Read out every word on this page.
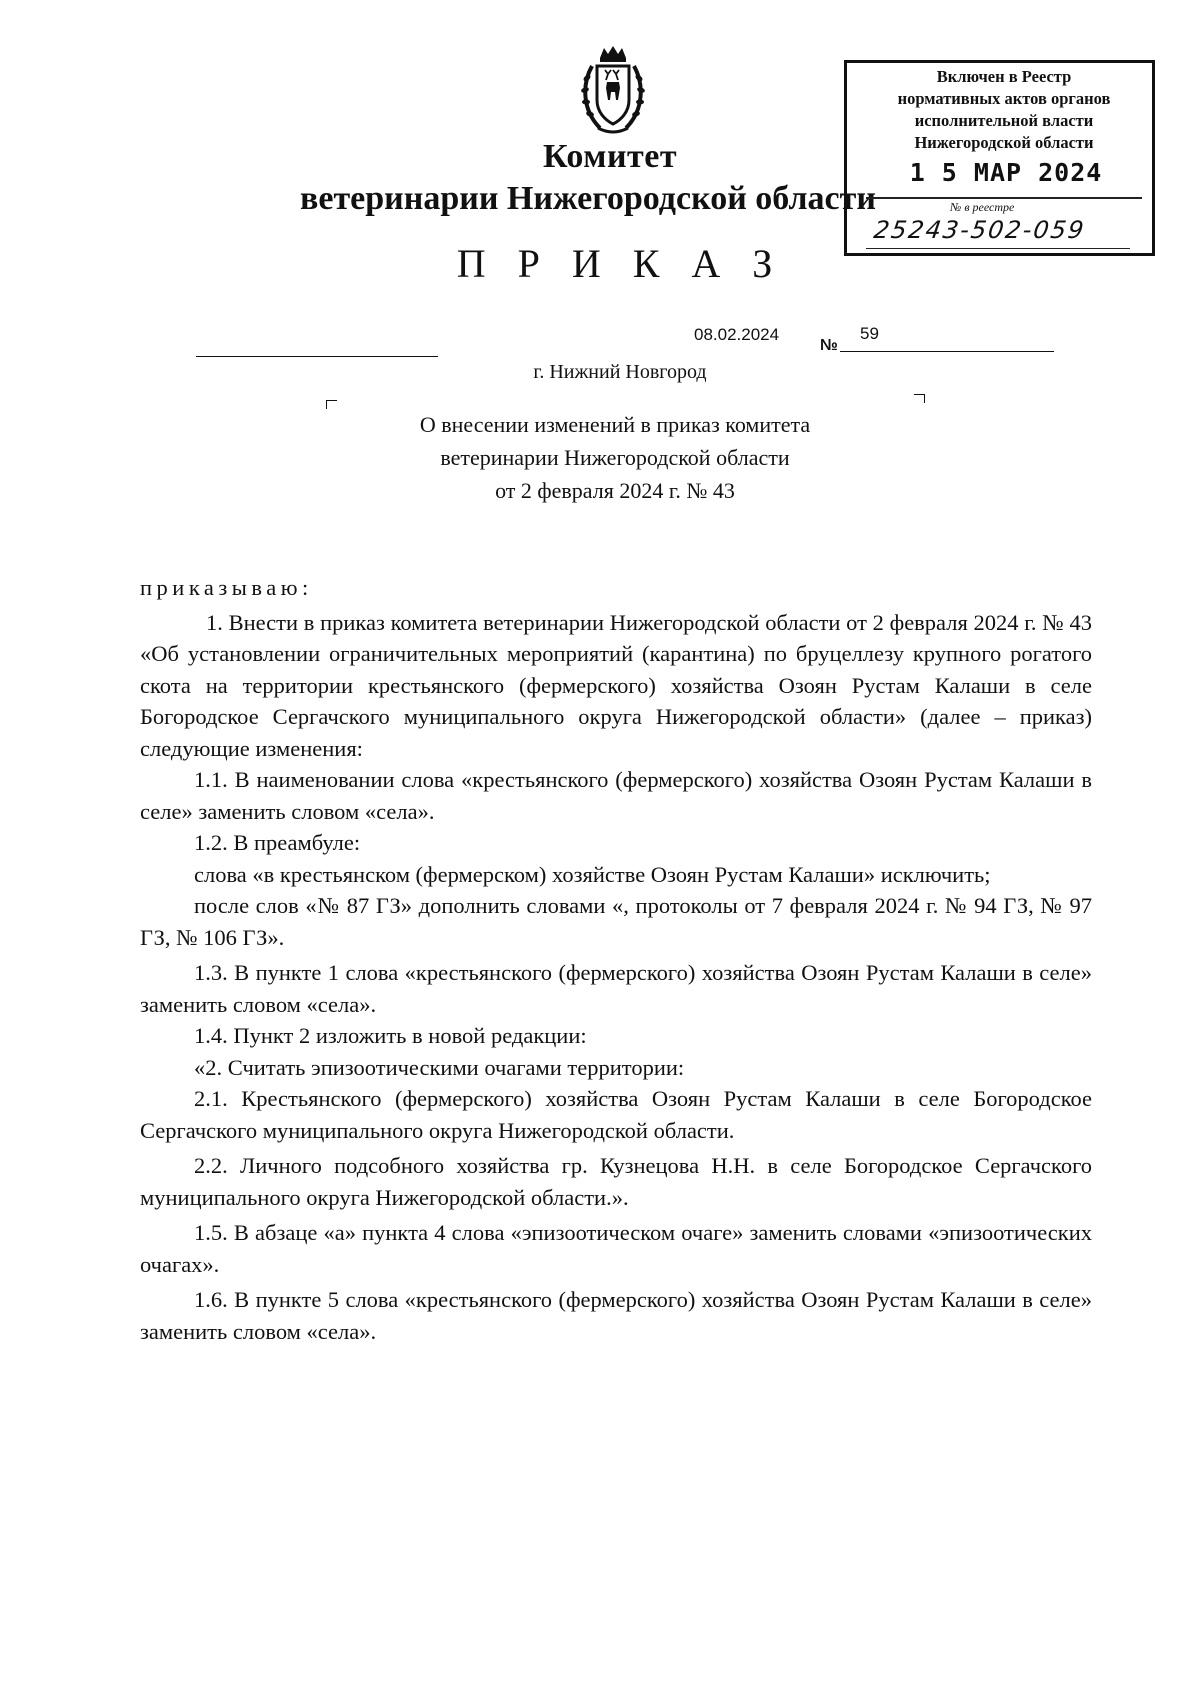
Комитет
ветеринарии Нижегородской области
П Р И К А З
Включен в Реестр
нормативных актов органов
исполнительной власти
Нижегородской области
1 5 МАР 2024
№ в реестре
25243-502-059
08.02.2024
№
59
г. Нижний Новгород
О внесении изменений в приказ комитета
ветеринарии Нижегородской области
от 2 февраля 2024 г. № 43

приказываю:

1. Внести в приказ комитета ветеринарии Нижегородской области от 2 февраля 2024 г. № 43 «Об установлении ограничительных мероприятий (карантина) по бруцеллезу крупного рогатого скота на территории крестьянского (фермерского) хозяйства Озоян Рустам Калаши в селе Богородское Сергачского муниципального округа Нижегородской области» (далее – приказ) следующие изменения:

1.1. В наименовании слова «крестьянского (фермерского) хозяйства Озоян Рустам Калаши в селе» заменить словом «села».

1.2. В преамбуле:

слова «в крестьянском (фермерском) хозяйстве Озоян Рустам Калаши» исключить;

после слов «№ 87 ГЗ» дополнить словами «, протоколы от 7 февраля 2024 г. № 94 ГЗ, № 97 ГЗ, № 106 ГЗ».

1.3. В пункте 1 слова «крестьянского (фермерского) хозяйства Озоян Рустам Калаши в селе» заменить словом «села».

1.4. Пункт 2 изложить в новой редакции:

«2. Считать эпизоотическими очагами территории:

2.1. Крестьянского (фермерского) хозяйства Озоян Рустам Калаши в селе Богородское Сергачского муниципального округа Нижегородской области.

2.2. Личного подсобного хозяйства гр. Кузнецова Н.Н. в селе Богородское Сергачского муниципального округа Нижегородской области.».

1.5. В абзаце «а» пункта 4 слова «эпизоотическом очаге» заменить словами «эпизоотических очагах».

1.6. В пункте 5 слова «крестьянского (фермерского) хозяйства Озоян Рустам Калаши в селе» заменить словом «села».
